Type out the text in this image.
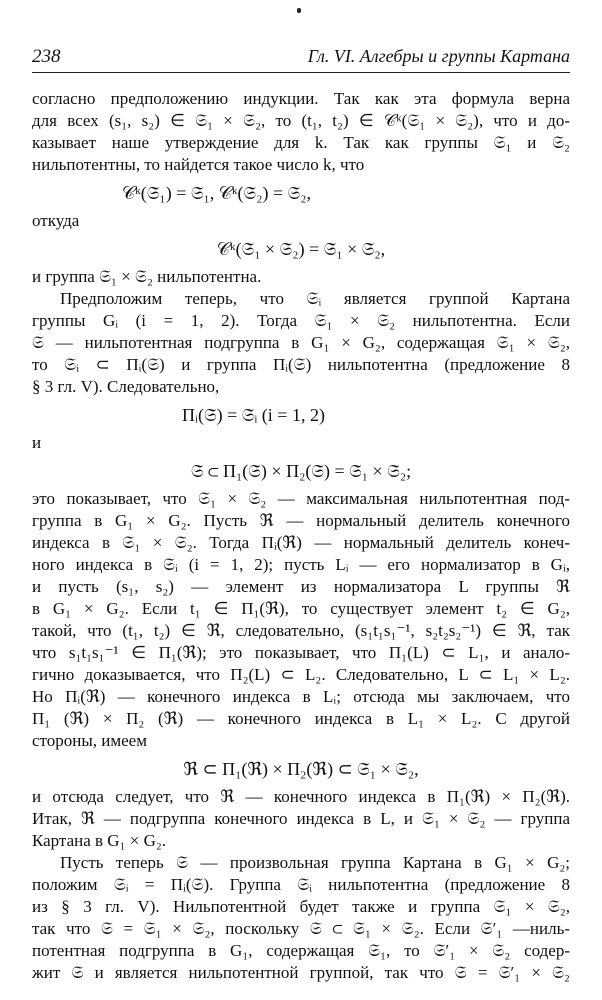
238	Гл. VI. Алгебры и группы Картана
согласно предположению индукции. Так как эта формула верна
для всех (s₁, s₂) ∈ 𝔖₁ × 𝔖₂, то (t₁, t₂) ∈ 𝒞ᵏ(𝔖₁ × 𝔖₂), что и до-
казывает наше утверждение для k. Так как группы 𝔖₁ и 𝔖₂
нильпотентны, то найдется такое число k, что
𝒞ᵏ(𝔖₁) = 𝔖₁, 𝒞ᵏ(𝔖₂) = 𝔖₂,
откуда
𝒞ᵏ(𝔖₁ × 𝔖₂) = 𝔖₁ × 𝔖₂,
и группа 𝔖₁ × 𝔖₂ нильпотентна.
Предположим теперь, что 𝔖ᵢ является группой Картана
группы Gᵢ (i = 1, 2). Тогда 𝔖₁ × 𝔖₂ нильпотентна. Если
𝔖 — нильпотентная подгруппа в G₁ × G₂, содержащая 𝔖₁ × 𝔖₂,
то 𝔖ᵢ ⊂ Πᵢ(𝔖) и группа Πᵢ(𝔖) нильпотентна (предложение 8
§ 3 гл. V). Следовательно,
Πᵢ(𝔖) = 𝔖ᵢ (i = 1, 2)
и
𝔖 ⊂ Π₁(𝔖) × Π₂(𝔖) = 𝔖₁ × 𝔖₂;
это показывает, что 𝔖₁ × 𝔖₂ — максимальная нильпотентная под-
группа в G₁ × G₂. Пусть ℜ — нормальный делитель конечного
индекса в 𝔖₁ × 𝔖₂. Тогда Πᵢ(ℜ) — нормальный делитель конеч-
ного индекса в 𝔖ᵢ (i = 1, 2); пусть Lᵢ — его нормализатор в Gᵢ,
и пусть (s₁, s₂) — элемент из нормализатора L группы ℜ
в G₁ × G₂. Если t₁ ∈ Π₁(ℜ), то существует элемент t₂ ∈ G₂,
такой, что (t₁, t₂) ∈ ℜ, следовательно, (s₁t₁s₁⁻¹, s₂t₂s₂⁻¹) ∈ ℜ, так
что s₁t₁s₁⁻¹ ∈ Π₁(ℜ); это показывает, что Π₁(L) ⊂ L₁, и анало-
гично доказывается, что Π₂(L) ⊂ L₂. Следовательно, L ⊂ L₁ × L₂.
Но Πᵢ(ℜ) — конечного индекса в Lᵢ; отсюда мы заключаем, что
Π₁ (ℜ) × Π₂ (ℜ) — конечного индекса в L₁ × L₂. С другой
стороны, имеем
ℜ ⊂ Π₁(ℜ) × Π₂(ℜ) ⊂ 𝔖₁ × 𝔖₂,
и отсюда следует, что ℜ — конечного индекса в Π₁(ℜ) × Π₂(ℜ).
Итак, ℜ — подгруппа конечного индекса в L, и 𝔖₁ × 𝔖₂ — группа
Картана в G₁ × G₂.
Пусть теперь 𝔖 — произвольная группа Картана в G₁ × G₂;
положим 𝔖ᵢ = Πᵢ(𝔖). Группа 𝔖ᵢ нильпотентна (предложение 8
из § 3 гл. V). Нильпотентной будет также и группа 𝔖₁ × 𝔖₂,
так что 𝔖 = 𝔖₁ × 𝔖₂, поскольку 𝔖 ⊂ 𝔖₁ × 𝔖₂. Если 𝔖′₁ —ниль-
потентная подгруппа в G₁, содержащая 𝔖₁, то 𝔖′₁ × 𝔖₂ содер-
жит 𝔖 и является нильпотентной группой, так что 𝔖 = 𝔖′₁ × 𝔖₂
